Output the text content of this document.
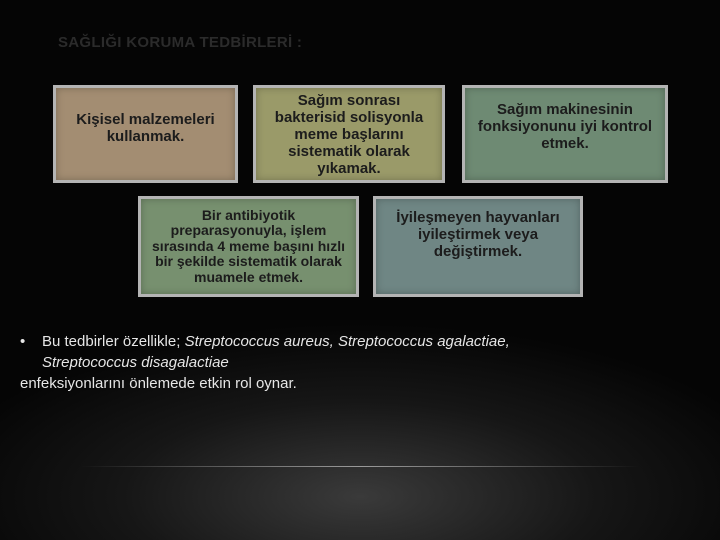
SAĞLIĞI KORUMA TEDBİRLERİ :
Kişisel malzemeleri kullanmak.
Sağım sonrası bakterisid solisyonla meme başlarını sistematik olarak yıkamak.
Sağım makinesinin fonksiyonunu iyi kontrol etmek.
Bir antibiyotik preparasyonuyla, işlem sırasında 4 meme başını hızlı bir şekilde sistematik olarak muamele etmek.
İyileşmeyen hayvanları iyileştirmek veya değiştirmek.
• Bu tedbirler özellikle; Streptococcus aureus, Streptococcus agalactiae,
Streptococcus disagalactiae
enfeksiyonlarını önlemede etkin rol oynar.
